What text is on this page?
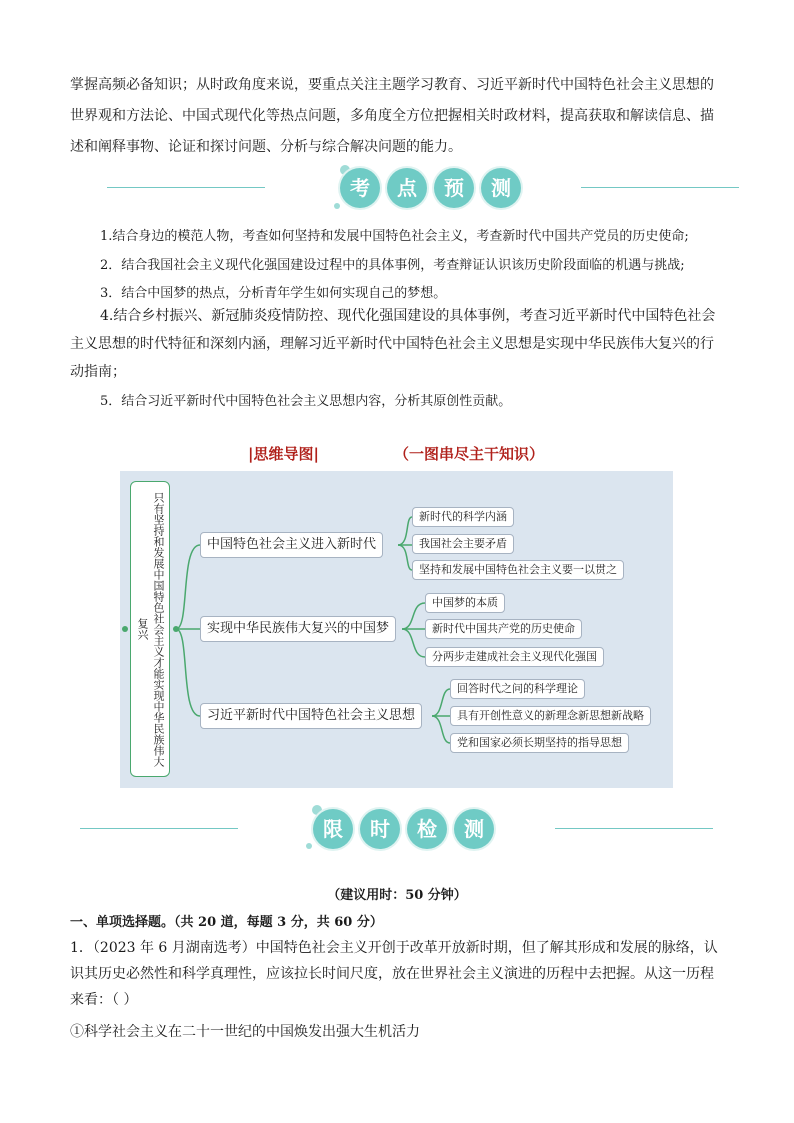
掌握高频必备知识；从时政角度来说，要重点关注主题学习教育、习近平新时代中国特色社会主义思想的世界观和方法论、中国式现代化等热点问题，多角度全方位把握相关时政材料，提高获取和解读信息、描述和阐释事物、论证和探讨问题、分析与综合解决问题的能力。

考	点	预	测
1.结合身边的模范人物，考查如何坚持和发展中国特色社会主义，考查新时代中国共产党员的历史使命;
2．结合我国社会主义现代化强国建设过程中的具体事例，考查辩证认识该历史阶段面临的机遇与挑战;
3．结合中国梦的热点，分析青年学生如何实现自己的梦想。

4.结合乡村振兴、新冠肺炎疫情防控、现代化强国建设的具体事例，考查习近平新时代中国特色社会主义思想的时代特征和深刻内涵，理解习近平新时代中国特色社会主义思想是实现中华民族伟大复兴的行动指南；

5．结合习近平新时代中国特色社会主义思想内容，分析其原创性贡献。
|思维导图|	（一图串尽主干知识）
只有坚持和发展中国特色社会主义才能实现中华民族伟大复兴
中国特色社会主义进入新时代
实现中华民族伟大复兴的中国梦
习近平新时代中国特色社会主义思想
新时代的科学内涵
我国社会主要矛盾
坚持和发展中国特色社会主义要一以贯之
中国梦的本质
新时代中国共产党的历史使命
分两步走建成社会主义现代化强国
回答时代之问的科学理论
具有开创性意义的新理念新思想新战略
党和国家必须长期坚持的指导思想
限	时	检	测
（建议用时：50 分钟）
一、单项选择题。（共 20 道，每题 3 分，共 60 分）

1．（2023 年 6 月湖南选考）中国特色社会主义开创于改革开放新时期，但了解其形成和发展的脉络，认识其历史必然性和科学真理性，应该拉长时间尺度，放在世界社会主义演进的历程中去把握。从这一历程来看：（ ）

①科学社会主义在二十一世纪的中国焕发出强大生机活力
